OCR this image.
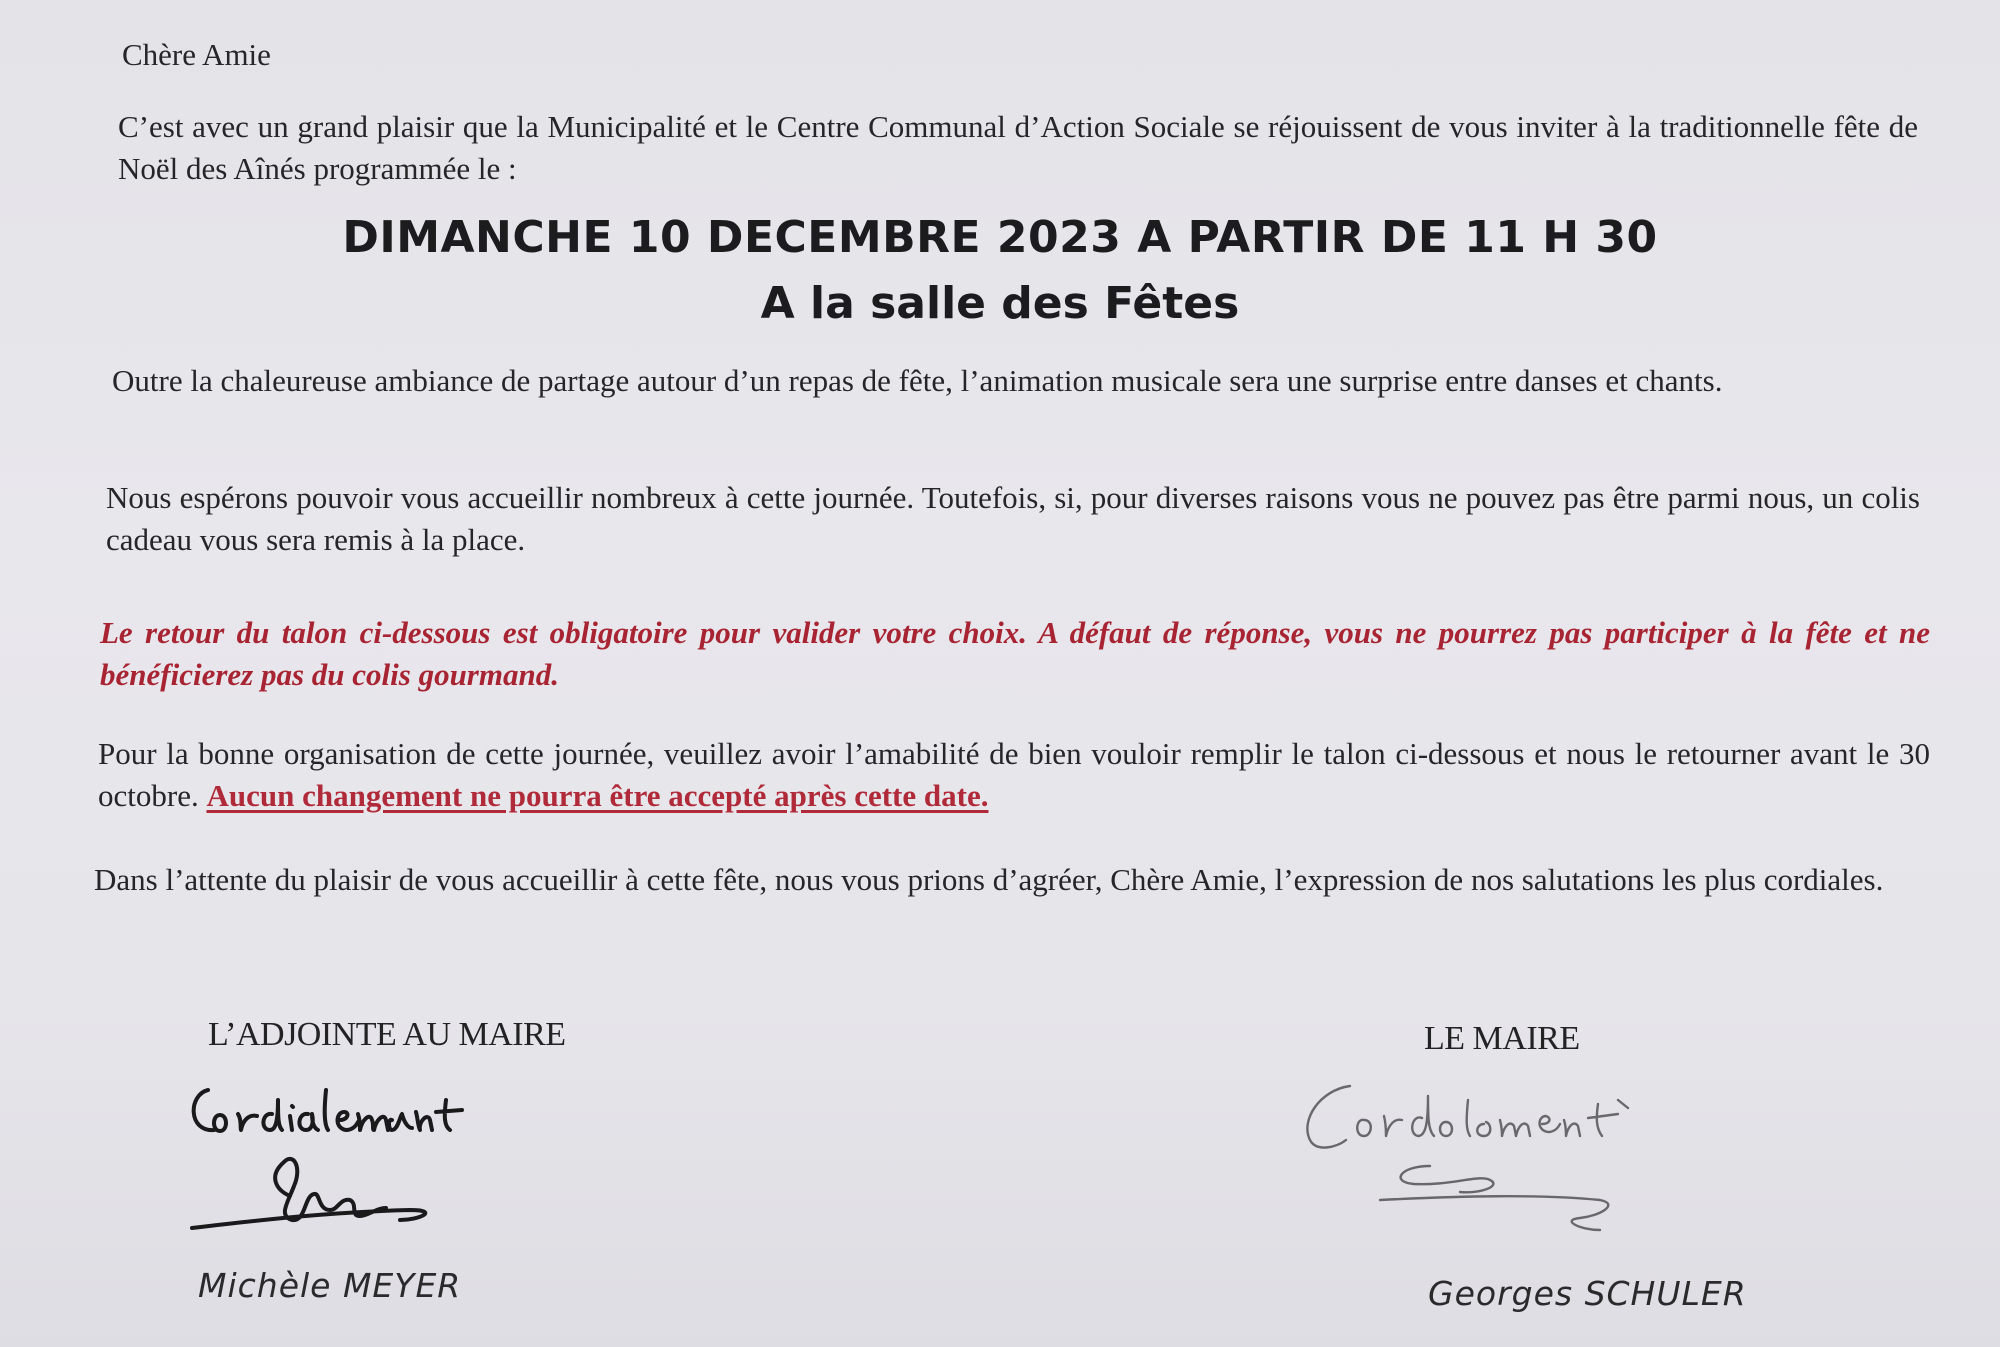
Chère Amie

C’est avec un grand plaisir que la Municipalité et le Centre Communal d’Action Sociale se réjouissent de vous inviter à la traditionnelle fête de Noël des Aînés programmée le :

DIMANCHE 10 DECEMBRE 2023 A PARTIR DE 11 H 30
A la salle des Fêtes

Outre la chaleureuse ambiance de partage autour d’un repas de fête, l’animation musicale sera une surprise entre danses et chants.

Nous espérons pouvoir vous accueillir nombreux à cette journée. Toutefois, si, pour diverses raisons vous ne pouvez pas être parmi nous, un colis cadeau vous sera remis à la place.

Le retour du talon ci-dessous est obligatoire pour valider votre choix. A défaut de réponse, vous ne pourrez pas participer à la fête et ne bénéficierez pas du colis gourmand.

Pour la bonne organisation de cette journée, veuillez avoir l’amabilité de bien vouloir remplir le talon ci-dessous et nous le retourner avant le 30 octobre. Aucun changement ne pourra être accepté après cette date.

Dans l’attente du plaisir de vous accueillir à cette fête, nous vous prions d’agréer, Chère Amie, l’expression de nos salutations les plus cordiales.

L’ADJOINTE AU MAIRE
Michèle MEYER
LE MAIRE
Georges SCHULER
